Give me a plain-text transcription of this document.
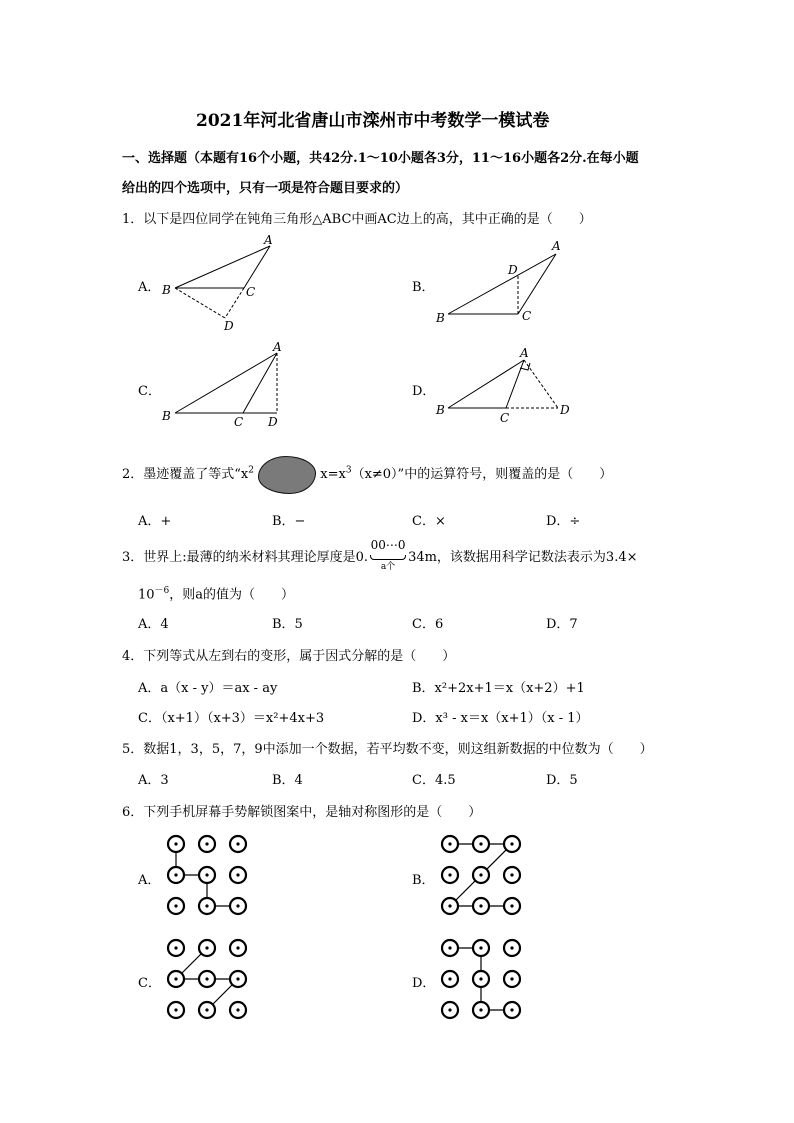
2021年河北省唐山市滦州市中考数学一模试卷
一、选择题（本题有16个小题，共42分.1～10小题各3分，11～16小题各2分.在每小题
给出的四个选项中，只有一项是符合题目要求的）
1．以下是四位同学在钝角三角形△ABC中画AC边上的高，其中正确的是（　　）
A．
A
B	C
D
B．
A
D
B	C
C．
A
B	C D
D．
A
B
C
D
2．墨迹覆盖了等式“$x^2$	$x=x^3(x\ne 0)$”中的运算符号，则覆盖的是（　　）
A．+	B．−	C．×	D．÷
3．世界上:最薄的纳米材料其理论厚度是0.
00⋯0
a个
34m，该数据用科学记数法表示为3.4×
$10^{-6}$，则a的值为（　　）
A．4	B．5	C．6	D．7
4．下列等式从左到右的变形，属于因式分解的是（　　）
A．a（x - y）＝ax - ay	B．x²+2x+1＝x（x+2）+1
C．（x+1）（x+3）＝x²+4x+3	D．x³ - x＝x（x+1）（x - 1）
5．数据1，3，5，7，9中添加一个数据，若平均数不变，则这组新数据的中位数为（　　）
A．3	B．4	C．4.5	D．5
6．下列手机屏幕手势解锁图案中，是轴对称图形的是（　　）
A．	B．
C．	D．
